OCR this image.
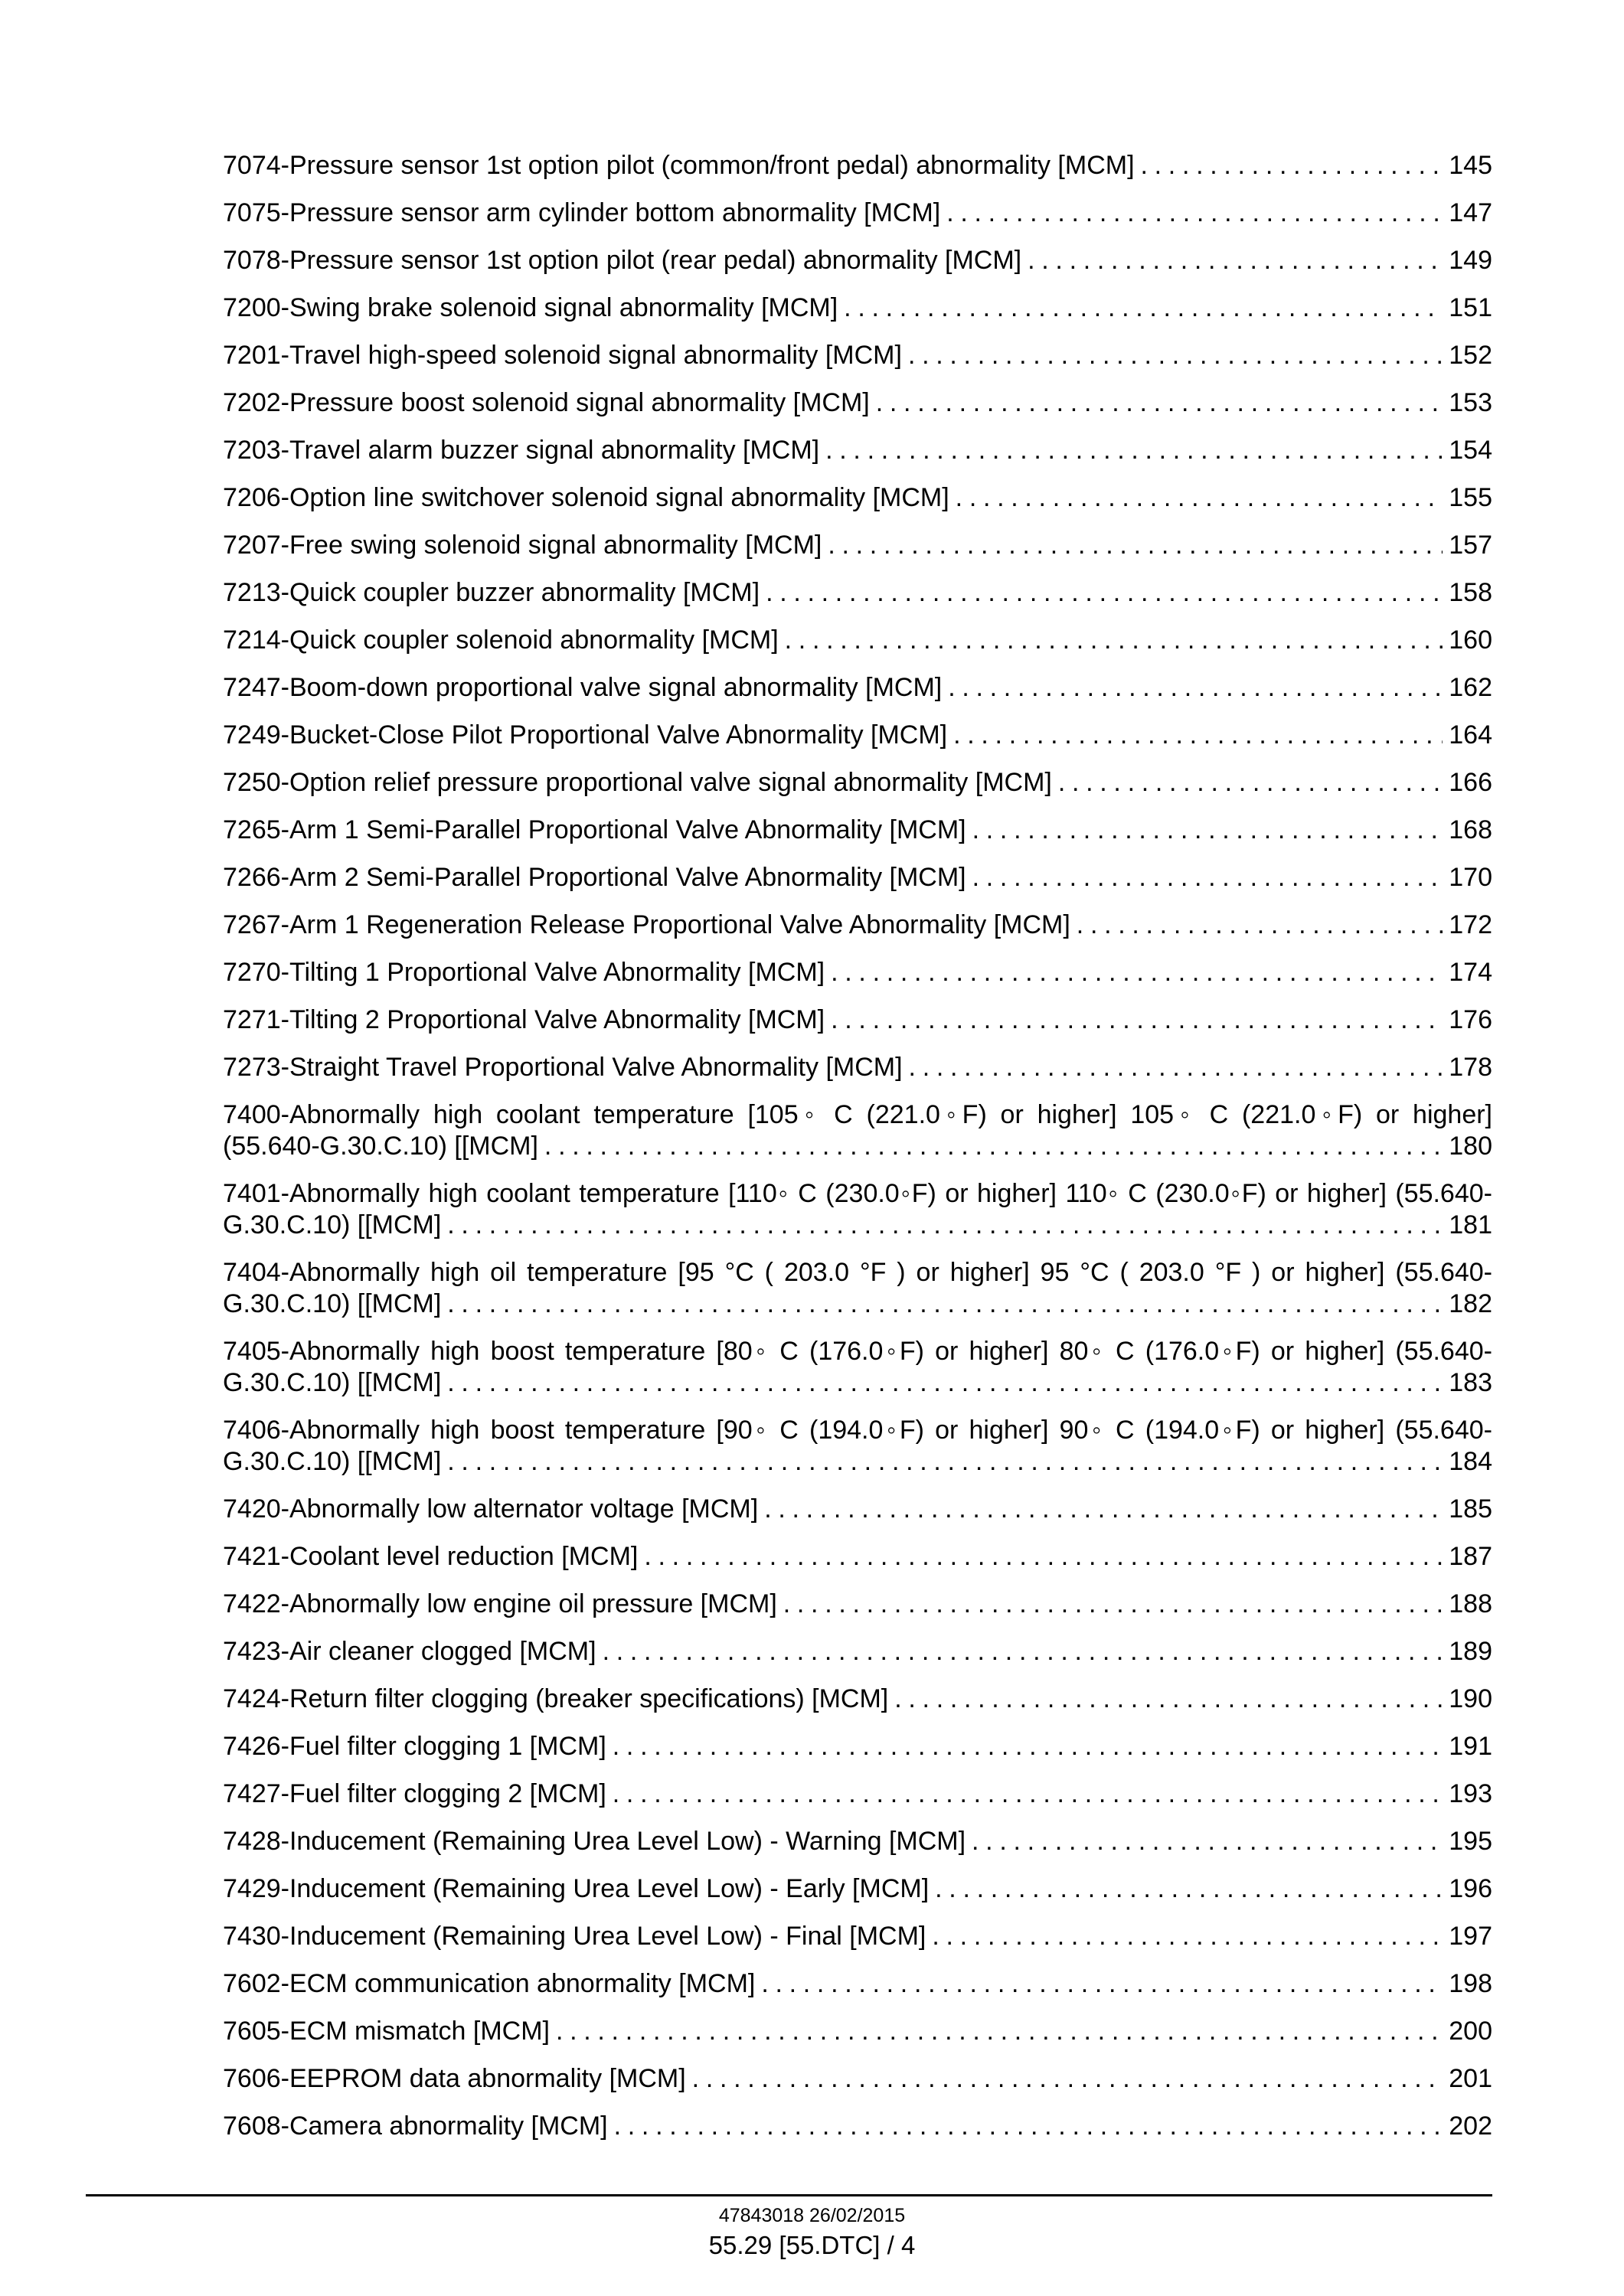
7074-Pressure sensor 1st option pilot (common/front pedal) abnormality [MCM] .....	145
7075-Pressure sensor arm cylinder bottom abnormality [MCM] .....	147
7078-Pressure sensor 1st option pilot (rear pedal) abnormality [MCM] .....	149
7200-Swing brake solenoid signal abnormality [MCM] .....	151
7201-Travel high-speed solenoid signal abnormality [MCM] .....	152
7202-Pressure boost solenoid signal abnormality [MCM] .....	153
7203-Travel alarm buzzer signal abnormality [MCM] .....	154
7206-Option line switchover solenoid signal abnormality [MCM] .....	155
7207-Free swing solenoid signal abnormality [MCM] .....	157
7213-Quick coupler buzzer abnormality [MCM] .....	158
7214-Quick coupler solenoid abnormality [MCM] .....	160
7247-Boom-down proportional valve signal abnormality [MCM] .....	162
7249-Bucket-Close Pilot Proportional Valve Abnormality [MCM] .....	164
7250-Option relief pressure proportional valve signal abnormality [MCM] .....	166
7265-Arm 1 Semi-Parallel Proportional Valve Abnormality [MCM] .....	168
7266-Arm 2 Semi-Parallel Proportional Valve Abnormality [MCM] .....	170
7267-Arm 1 Regeneration Release Proportional Valve Abnormality [MCM] .....	172
7270-Tilting 1 Proportional Valve Abnormality [MCM] .....	174
7271-Tilting 2 Proportional Valve Abnormality [MCM] .....	176
7273-Straight Travel Proportional Valve Abnormality [MCM] .....	178
7400-Abnormally high coolant temperature [105◦ C (221.0◦F) or higher] 105◦ C (221.0◦F) or higher]
(55.640-G.30.C.10) [[MCM] .....	180
7401-Abnormally high coolant temperature [110◦ C (230.0◦F) or higher] 110◦ C (230.0◦F) or higher] (55.640-
G.30.C.10) [[MCM] .....	181
7404-Abnormally high oil temperature [95 °C ( 203.0 °F ) or higher] 95 °C ( 203.0 °F ) or higher] (55.640-
G.30.C.10) [[MCM] .....	182
7405-Abnormally high boost temperature [80◦ C (176.0◦F) or higher] 80◦ C (176.0◦F) or higher] (55.640-
G.30.C.10) [[MCM] .....	183
7406-Abnormally high boost temperature [90◦ C (194.0◦F) or higher] 90◦ C (194.0◦F) or higher] (55.640-
G.30.C.10) [[MCM] .....	184
7420-Abnormally low alternator voltage [MCM] .....	185
7421-Coolant level reduction [MCM] .....	187
7422-Abnormally low engine oil pressure [MCM] .....	188
7423-Air cleaner clogged [MCM] .....	189
7424-Return filter clogging (breaker specifications) [MCM] .....	190
7426-Fuel filter clogging 1 [MCM] .....	191
7427-Fuel filter clogging 2 [MCM] .....	193
7428-Inducement (Remaining Urea Level Low) - Warning [MCM] .....	195
7429-Inducement (Remaining Urea Level Low) - Early [MCM] .....	196
7430-Inducement (Remaining Urea Level Low) - Final [MCM] .....	197
7602-ECM communication abnormality [MCM] .....	198
7605-ECM mismatch [MCM] .....	200
7606-EEPROM data abnormality [MCM] .....	201
7608-Camera abnormality [MCM] .....	202
47843018 26/02/2015
55.29 [55.DTC] / 4
